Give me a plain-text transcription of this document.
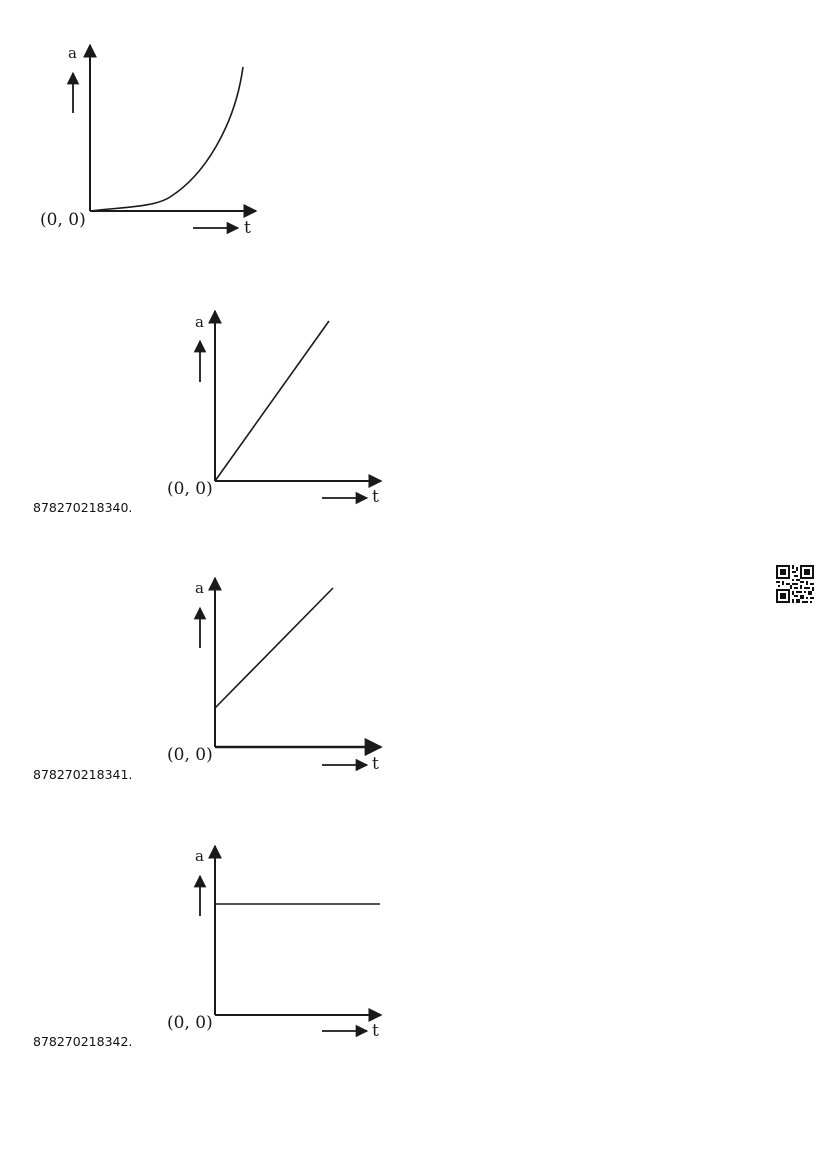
a
t
(0, 0)
a
t
(0, 0)
878270218340.
a
t
(0, 0)
878270218341.
a
t
(0, 0)
878270218342.
